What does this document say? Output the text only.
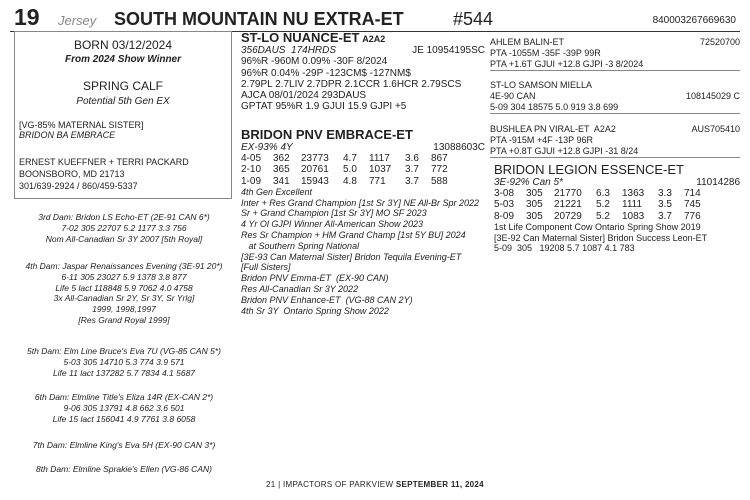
19 Jersey SOUTH MOUNTAIN NU EXTRA-ET	#544	840003267669630
BORN 03/12/2024
From 2024 Show Winner
SPRING CALF
Potential 5th Gen EX
[VG-85% MATERNAL SISTER]
BRIDON BA EMBRACE
ERNEST KUEFFNER + TERRI PACKARD
BOONSBORO, MD 21713
301/639-2924 / 860/459-5337
3rd Dam: Bridon LS Echo-ET (2E-91 CAN 6*)
7-02 305 22707 5.2 1177 3.3 756
Nom All-Canadian Sr 3Y 2007 [5th Royal]
4th Dam: Jaspar Renaissances Evening (3E-91 20*)
6-11 305 23027 5.9 1378 3.8 877
Life 5 lact 118848 5.9 7062 4.0 4758
3x All-Canadian Sr 2Y, Sr 3Y, Sr Yrlg]
1999, 1998,1997
[Res Grand Royal 1999]
5th Dam: Elm Line Bruce's Eva 7U (VG-85 CAN 5*)
5-03 305 14710 5.3 774 3.9 571
Life 11 lact 137282 5.7 7834 4.1 5687
6th Dam: Elmline Title's Eliza 14R (EX-CAN 2*)
9-06 305 13791 4.8 662 3.6 501
Life 15 lact 156041 4.9 7761 3.8 6058
7th Dam: Elmline King's Eva 5H (EX-90 CAN 3*)
8th Dam: Elmline Sprakie's Ellen (VG-86 CAN)
ST-LO NUANCE-ET A2A2
356DAUS  174HRDS	JE 10954195SC
96%R -960M 0.09% -30F 8/2024
96%R 0.04% -29P -123CM$ -127NM$
2.79PL 2.7LIV 2.7DPR 2.1CCR 1.6HCR 2.79SCS
AJCA 08/01/2024 293DAUS
GPTAT 95%R 1.9 GJUI 15.9 GJPI +5
BRIDON PNV EMBRACE-ET
EX-93% 4Y	13088603C
4-05	362	23773	4.7	1117	3.6	867
2-10	365	20761	5.0	1037	3.7	772
1-09	341	15943	4.8	771	3.7	588
4th Gen Excellent
Inter + Res Grand Champion [1st Sr 3Y] NE All-Br Spr 2022
Sr + Grand Champion [1st Sr 3Y] MO SF 2023
4 Yr Ol GJPI Winner All-American Show 2023
Res Sr Champion + HM Grand Champ [1st 5Y BU] 2024
at Southern Spring National
[3E-93 Can Maternal Sister] Bridon Tequila Evening-ET
[Full Sisters]
Bridon PNV Emma-ET  (EX-90 CAN)
Res All-Canadian Sr 3Y 2022
Bridon PNV Enhance-ET  (VG-88 CAN 2Y)
4th Sr 3Y  Ontario Spring Show 2022
AHLEM BALIN-ET	72520700
PTA -1055M -35F -39P 99R
PTA +1.6T GJUI +12.8 GJPI -3 8/2024
ST-LO SAMSON MIELLA
4E-90 CAN	108145029 C
5-09 304 18575 5.0 919 3.8 699
BUSHLEA PN VIRAL-ET  A2A2	AUS705410
PTA -915M +4F -13P 96R
PTA +0.8T GJUI +12.8 GJPI -31 8/24
BRIDON LEGION ESSENCE-ET
3E-92% Can 5*	11014286
3-08	305	21770	6.3	1363	3.3	714
5-03	305	21221	5.2	1111	3.5	745
8-09	305	20729	5.2	1083	3.7	776
1st Life Component Cow Ontario Spring Show 2019
[3E-92 Can Maternal Sister] Bridon Success Leon-ET
5-09  305   19208 5.7 1087 4.1 783
21 | IMPACTORS OF PARKVIEW SEPTEMBER 11, 2024
